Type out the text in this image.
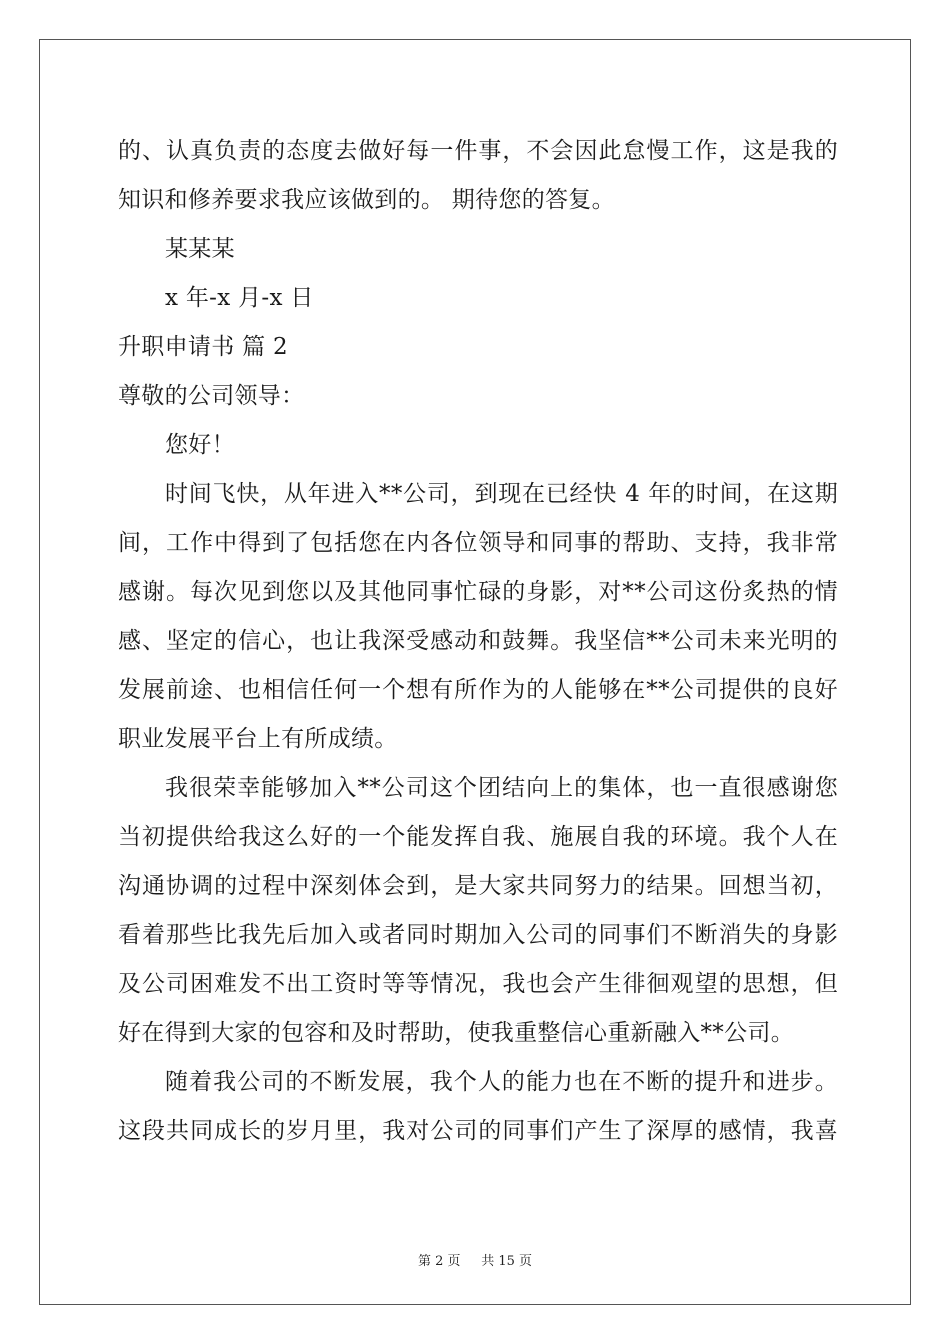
的、认真负责的态度去做好每一件事，不会因此怠慢工作，这是我的
知识和修养要求我应该做到的。 期待您的答复。
某某某
x 年-x 月-x 日
升职申请书 篇 2
尊敬的公司领导：
您好！
时间飞快，从年进入**公司，到现在已经快 4 年的时间，在这期
间，工作中得到了包括您在内各位领导和同事的帮助、支持，我非常
感谢。每次见到您以及其他同事忙碌的身影，对**公司这份炙热的情
感、坚定的信心，也让我深受感动和鼓舞。我坚信**公司未来光明的
发展前途、也相信任何一个想有所作为的人能够在**公司提供的良好
职业发展平台上有所成绩。
我很荣幸能够加入**公司这个团结向上的集体，也一直很感谢您
当初提供给我这么好的一个能发挥自我、施展自我的环境。我个人在
沟通协调的过程中深刻体会到，是大家共同努力的结果。回想当初，
看着那些比我先后加入或者同时期加入公司的同事们不断消失的身影
及公司困难发不出工资时等等情况，我也会产生徘徊观望的思想，但
好在得到大家的包容和及时帮助，使我重整信心重新融入**公司。
随着我公司的不断发展，我个人的能力也在不断的提升和进步。
这段共同成长的岁月里，我对公司的同事们产生了深厚的感情，我喜
第 2 页 共 15 页
